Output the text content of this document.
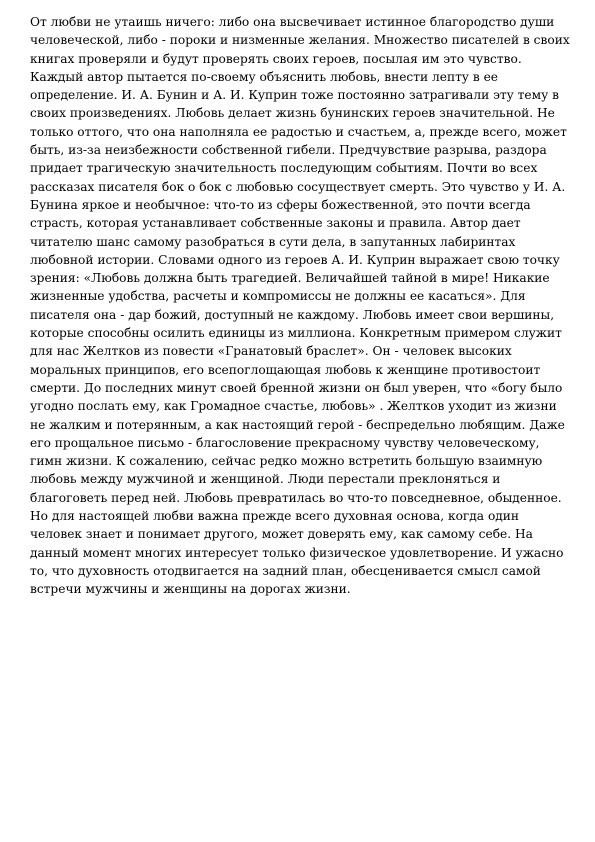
От любви не утаишь ничего: либо она высвечивает истинное благородство души
человеческой, либо - пороки и низменные желания. Множество писателей в своих
книгах проверяли и будут проверять своих героев, посылая им это чувство.
Каждый автор пытается по-своему объяснить любовь, внести лепту в ее
определение. И. А. Бунин и А. И. Куприн тоже постоянно затрагивали эту тему в
своих произведениях. Любовь делает жизнь бунинских героев значительной. Не
только оттого, что она наполняла ее радостью и счастьем, а, прежде всего, может
быть, из-за неизбежности собственной гибели. Предчувствие разрыва, раздора
придает трагическую значительность последующим событиям. Почти во всех
рассказах писателя бок о бок с любовью сосуществует смерть. Это чувство у И. А.
Бунина яркое и необычное: что-то из сферы божественной, это почти всегда
страсть, которая устанавливает собственные законы и правила. Автор дает
читателю шанс самому разобраться в сути дела, в запутанных лабиринтах
любовной истории. Словами одного из героев А. И. Куприн выражает свою точку
зрения: «Любовь должна быть трагедией. Величайшей тайной в мире! Никакие
жизненные удобства, расчеты и компромиссы не должны ее касаться». Для
писателя она - дар божий, доступный не каждому. Любовь имеет свои вершины,
которые способны осилить единицы из миллиона. Конкретным примером служит
для нас Желтков из повести «Гранатовый браслет». Он - человек высоких
моральных принципов, его всепоглощающая любовь к женщине противостоит
смерти. До последних минут своей бренной жизни он был уверен, что «богу было
угодно послать ему, как Громадное счастье, любовь» . Желтков уходит из жизни
не жалким и потерянным, а как настоящий герой - беспредельно любящим. Даже
его прощальное письмо - благословение прекрасному чувству человеческому,
гимн жизни. К сожалению, сейчас редко можно встретить большую взаимную
любовь между мужчиной и женщиной. Люди перестали преклоняться и
благоговеть перед ней. Любовь превратилась во что-то повседневное, обыденное.
Но для настоящей любви важна прежде всего духовная основа, когда один
человек знает и понимает другого, может доверять ему, как самому себе. На
данный момент многих интересует только физическое удовлетворение. И ужасно
то, что духовность отодвигается на задний план, обесценивается смысл самой
встречи мужчины и женщины на дорогах жизни.
